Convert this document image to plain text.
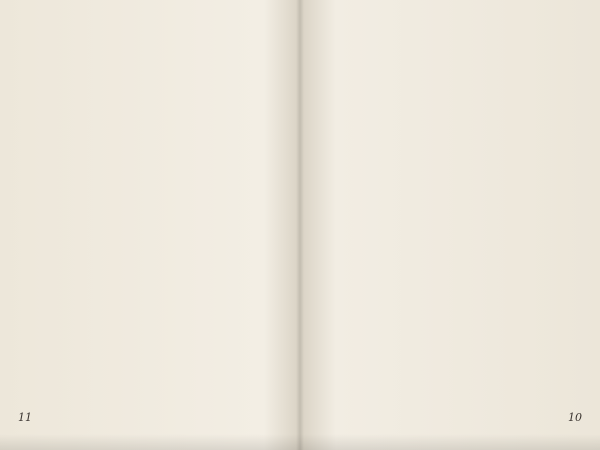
11	10
